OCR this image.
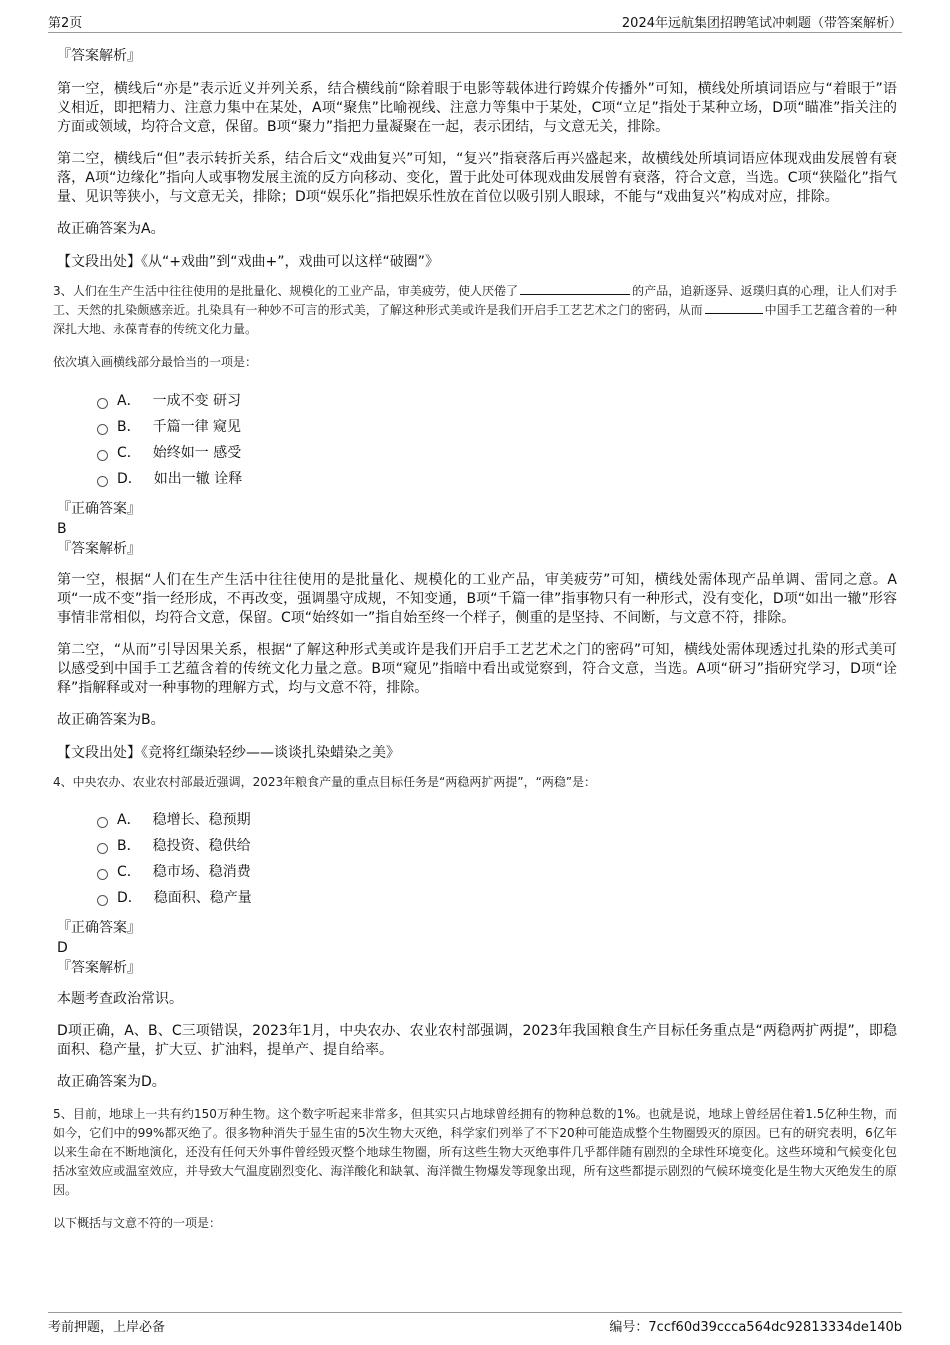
第2页	2024年远航集团招聘笔试冲刺题（带答案解析）

『答案解析』

第一空，横线后“亦是”表示近义并列关系，结合横线前“除着眼于电影等载体进行跨媒介传播外”可知，横线处所填词语应与“着眼于”语义相近，即把精力、注意力集中在某处，A项“聚焦”比喻视线、注意力等集中于某处，C项“立足”指处于某种立场，D项“瞄准”指关注的方面或领域，均符合文意，保留。B项“聚力”指把力量凝聚在一起，表示团结，与文意无关，排除。

第二空，横线后“但”表示转折关系，结合后文“戏曲复兴”可知，“复兴”指衰落后再兴盛起来，故横线处所填词语应体现戏曲发展曾有衰落，A项“边缘化”指向人或事物发展主流的反方向移动、变化，置于此处可体现戏曲发展曾有衰落，符合文意，当选。C项“狭隘化”指气量、见识等狭小，与文意无关，排除；D项“娱乐化”指把娱乐性放在首位以吸引别人眼球，不能与“戏曲复兴”构成对应，排除。

故正确答案为A。

【文段出处】《从“+戏曲”到“戏曲+”，戏曲可以这样“破圈”》

3、人们在生产生活中往往使用的是批量化、规模化的工业产品，审美疲劳，使人厌倦了	的产品，追新逐异、返璞归真的心理，让人们对手工、天然的扎染颇感亲近。扎染具有一种妙不可言的形式美，了解这种形式美或许是我们开启手工艺艺术之门的密码，从而	中国手工艺蕴含着的一种深扎大地、永葆青春的传统文化力量。

依次填入画横线部分最恰当的一项是：

A． 一成不变 研习
B． 千篇一律 窥见
C． 始终如一 感受
D． 如出一辙 诠释

『正确答案』

B

『答案解析』

第一空，根据“人们在生产生活中往往使用的是批量化、规模化的工业产品，审美疲劳”可知，横线处需体现产品单调、雷同之意。A项“一成不变”指一经形成，不再改变，强调墨守成规，不知变通，B项“千篇一律”指事物只有一种形式，没有变化，D项“如出一辙”形容事情非常相似，均符合文意，保留。C项“始终如一”指自始至终一个样子，侧重的是坚持、不间断，与文意不符，排除。

第二空，“从而”引导因果关系，根据“了解这种形式美或许是我们开启手工艺艺术之门的密码”可知，横线处需体现透过扎染的形式美可以感受到中国手工艺蕴含着的传统文化力量之意。B项“窥见”指暗中看出或觉察到，符合文意，当选。A项“研习”指研究学习，D项“诠释”指解释或对一种事物的理解方式，均与文意不符，排除。

故正确答案为B。

【文段出处】《竞将红缬染轻纱——谈谈扎染蜡染之美》

4、中央农办、农业农村部最近强调，2023年粮食产量的重点目标任务是“两稳两扩两提”，“两稳”是：

A． 稳增长、稳预期
B． 稳投资、稳供给
C． 稳市场、稳消费
D． 稳面积、稳产量

『正确答案』

D

『答案解析』

本题考查政治常识。

D项正确，A、B、C三项错误，2023年1月，中央农办、农业农村部强调，2023年我国粮食生产目标任务重点是“两稳两扩两提”，即稳面积、稳产量，扩大豆、扩油料，提单产、提自给率。

故正确答案为D。

5、目前，地球上一共有约150万种生物。这个数字听起来非常多，但其实只占地球曾经拥有的物种总数的1%。也就是说，地球上曾经居住着1.5亿种生物，而如今，它们中的99%都灭绝了。很多物种消失于显生宙的5次生物大灭绝，科学家们列举了不下20种可能造成整个生物圈毁灭的原因。已有的研究表明，6亿年以来生命在不断地演化，还没有任何天外事件曾经毁灭整个地球生物圈，所有这些生物大灭绝事件几乎都伴随有剧烈的全球性环境变化。这些环境和气候变化包括冰室效应或温室效应，并导致大气温度剧烈变化、海洋酸化和缺氧、海洋微生物爆发等现象出现，所有这些都提示剧烈的气候环境变化是生物大灭绝发生的原因。

以下概括与文意不符的一项是：

考前押题，上岸必备	编号：7ccf60d39ccca564dc92813334de140b
